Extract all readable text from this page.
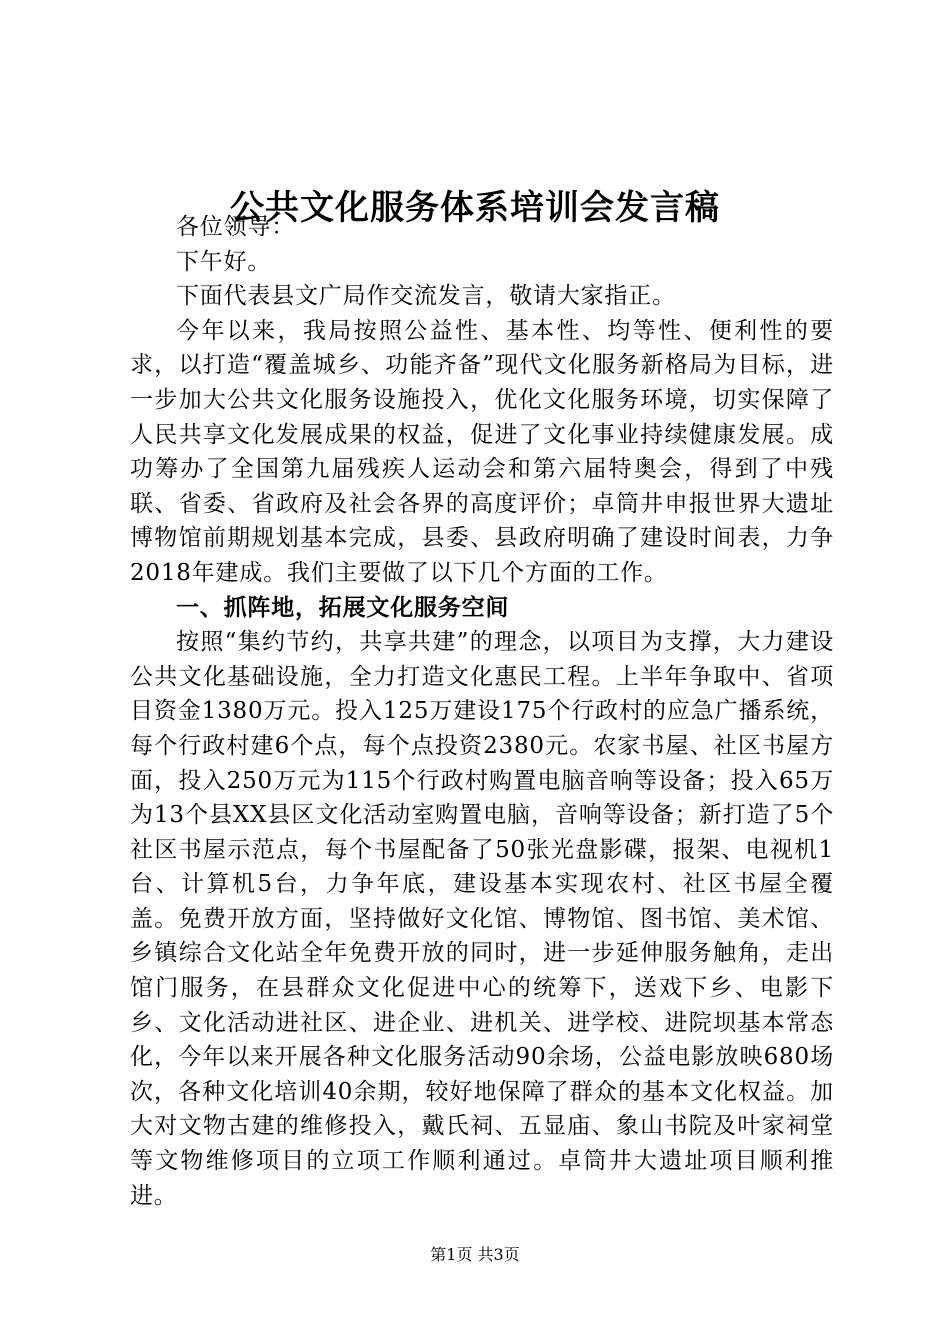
公共文化服务体系培训会发言稿

各位领导：

下午好。

下面代表县文广局作交流发言，敬请大家指正。

今年以来，我局按照公益性、基本性、均等性、便利性的要求，以打造“覆盖城乡、功能齐备”现代文化服务新格局为目标，进一步加大公共文化服务设施投入，优化文化服务环境，切实保障了人民共享文化发展成果的权益，促进了文化事业持续健康发展。成功筹办了全国第九届残疾人运动会和第六届特奥会，得到了中残联、省委、省政府及社会各界的高度评价；卓筒井申报世界大遗址博物馆前期规划基本完成，县委、县政府明确了建设时间表，力争2018年建成。我们主要做了以下几个方面的工作。

一、抓阵地，拓展文化服务空间

按照“集约节约，共享共建”的理念，以项目为支撑，大力建设公共文化基础设施，全力打造文化惠民工程。上半年争取中、省项目资金1380万元。投入125万建设175个行政村的应急广播系统，每个行政村建6个点，每个点投资2380元。农家书屋、社区书屋方面，投入250万元为115个行政村购置电脑音响等设备；投入65万为13个县XX县区文化活动室购置电脑，音响等设备；新打造了5个社区书屋示范点，每个书屋配备了50张光盘影碟，报架、电视机1台、计算机5台，力争年底，建设基本实现农村、社区书屋全覆盖。免费开放方面，坚持做好文化馆、博物馆、图书馆、美术馆、乡镇综合文化站全年免费开放的同时，进一步延伸服务触角，走出馆门服务，在县群众文化促进中心的统筹下，送戏下乡、电影下乡、文化活动进社区、进企业、进机关、进学校、进院坝基本常态化，今年以来开展各种文化服务活动90余场，公益电影放映680场次，各种文化培训40余期，较好地保障了群众的基本文化权益。加大对文物古建的维修投入，戴氏祠、五显庙、象山书院及叶家祠堂等文物维修项目的立项工作顺利通过。卓筒井大遗址项目顺利推进。

第1页 共3页
